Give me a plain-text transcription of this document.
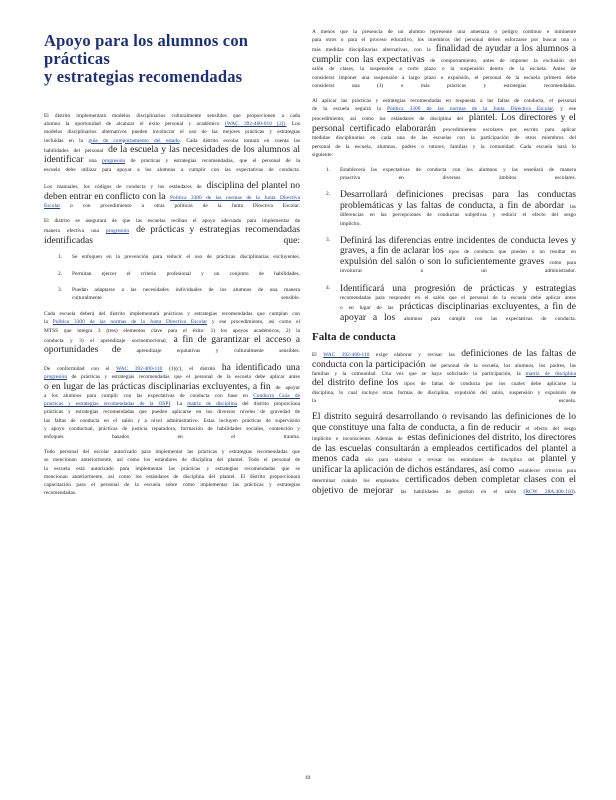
Apoyo para los alumnos con prácticas
y estrategias recomendadas

El distrito implementará modelos disciplinarios culturalmente sensibles que proporcionen a cada alumno la oportunidad de alcanzar el éxito personal y académico (WAC 392-400-010 [2]). Los modelos disciplinarios alternativos pueden involucrar el uso de las mejores prácticas y estrategias incluidas en la guía de comportamiento del estado. Cada distrito escolar tomará en cuenta las habilidades del personal de la escuela y las necesidades de los alumnos al identificar una progresión de prácticas y estrategias recomendadas, que el personal de la escuela debe utilizar para apoyar a los alumnos a cumplir con las expectativas de conducta.

Los manuales, los códigos de conducta y los estándares de disciplina del plantel no deben entrar en conflicto con la Política 3300 de las normas de la Junta Directiva Escolar o con procedimiento u otras políticas de la Junta Directiva Escolar.

El distrito se asegurará de que las escuelas reciban el apoyo adecuado para implementar de manera efectiva una progresión de prácticas y estrategias recomendadas identificadas que:

1. Se enfoquen en la prevención para reducir el uso de prácticas disciplinarias excluyentes.

2. Permitan ejercer el criterio profesional y un conjunto de habilidades.

3. Puedan adaptarse a las necesidades individuales de los alumnos de una manera culturalmente sensible.

Cada escuela deberá del distrito implementará prácticas y estrategias recomendadas que cumplan con la Política 3300 de las normas de la Junta Directiva Escolar y ese procedimiento, así como el MTSS que integra 3 (tres) elementos clave para el éxito: 1) los apoyos académicos, 2) la conducta y 3) el aprendizaje socioemocional, a fin de garantizar el acceso a oportunidades de	aprendizaje equitativas y culturalmente sensibles.

De conformidad con el WAC 392-400-110 (1)(c), el distrito ha identificado una progresión de prácticas y estrategias recomendadas que el personal de la escuela debe aplicar antes o en lugar de las prácticas disciplinarias excluyentes, a fin de apoyar a los alumnos para cumplir con las expectativas de conducta con base en Conducta Guía de prácticas y estrategias recomendadas de la OSPI. La matriz de disciplina del distrito proporciona prácticas y estrategias recomendadas que pueden aplicarse en los diversos niveles de gravedad de las faltas de conducta en el salón y a nivel administrativo. Estas incluyen prácticas de supervisión y apoyo conductual, prácticas de justicia reparadora, formación de habilidades sociales, contención y enfoques basados en el trauma.

Todo personal del escolar autorizado para implementar las prácticas y estrategias recomendadas que se mencionan anteriormente, así como los estándares de disciplina del plantel. Todo el personal de la escuela está autorizado para implementar las prácticas y estrategias recomendadas que se mencionan anteriormente, así como los estándares de disciplina del plantel. El distrito proporcionará capacitación para el personal de la escuela sobre cómo implementar las prácticas y estrategias recomendadas.

A menos que la presencia de un alumno represente una amenaza o peligro continuo e inminente para otros o para el proceso educativo, los miembros del personal deben esforzarse por buscar una o más medidas disciplinarias alternativas, con la finalidad de ayudar a los alumnos a cumplir con las expectativas de comportamiento, antes de imponer la exclusión del salón de clases, la suspensión a corto plazo o la suspensión dentro de la escuela. Antes de considerar imponer una suspensión a largo plazo o expulsión, el personal de la escuela primero debe considerar una (1) o más prácticas y estrategias recomendadas.

Al aplicar las prácticas y estrategias recomendadas en respuesta a las faltas de conducta, el personal de la escuela seguirá la Política 3300 de las normas de la Junta Directiva Escolar, y ese procedimiento, así como los estándares de disciplina del plantel. Los directores y el personal certificado elaborarán procedimientos escolares por escrito para aplicar medidas disciplinarias en cada una de las escuelas con la participación de otros miembros del personal de la escuela, alumnos, padres o tutores, familias y la comunidad. Cada escuela hará lo siguiente:

1. Establecerá las expectativas de conducta con los alumnos y las enseñará de manera proactiva en diversos ámbitos escolares.

2. Desarrollará definiciones precisas para las conductas problemáticas y las faltas de conducta, a fin de abordar las diferencias en las percepciones de conductas subjetivas y reducir el efecto del sesgo implícito.

3. Definirá las diferencias entre incidentes de conducta leves y graves, a fin de aclarar los tipos de conducta que pueden o no resultar en expulsión del salón o son lo suficientemente graves como para involucrar a un administrador.

4. Identificará una progresión de prácticas y estrategias recomendadas para responder en el salón que el personal de la escuela debe aplicar antes o en lugar de las prácticas disciplinarias excluyentes, a fin de apoyar a los alumnos para cumplir con las expectativas de conducta.

Falta de conducta

El WAC 392-400-110 exige elaborar y revisar las definiciones de las faltas de conducta con la participación del personal de la escuela, los alumnos, los padres, las familias y la comunidad. Una vez que se haya solicitado la participación, la matriz de disciplina del distrito define los tipos de faltas de conducta por los cuales debe aplicarse la disciplina, lo cual incluye otras formas de disciplina, expulsión del salón, suspensión y expulsión de la escuela.

El distrito seguirá desarrollando o revisando las definiciones de lo que constituye una falta de conducta, a fin de reducir el efecto del sesgo implícito e inconsciente. Además de estas definiciones del distrito, los directores de las escuelas consultarán a empleados certificados del plantel a menos cada año para elaborar o revisar los estándares de disciplina del plantel y unificar la aplicación de dichos estándares, así como establecer criterios para determinar cuándo los empleados certificados deben completar clases con el objetivo de mejorar las habilidades de gestión en el salón (RCW 28A.400.110).

iii
